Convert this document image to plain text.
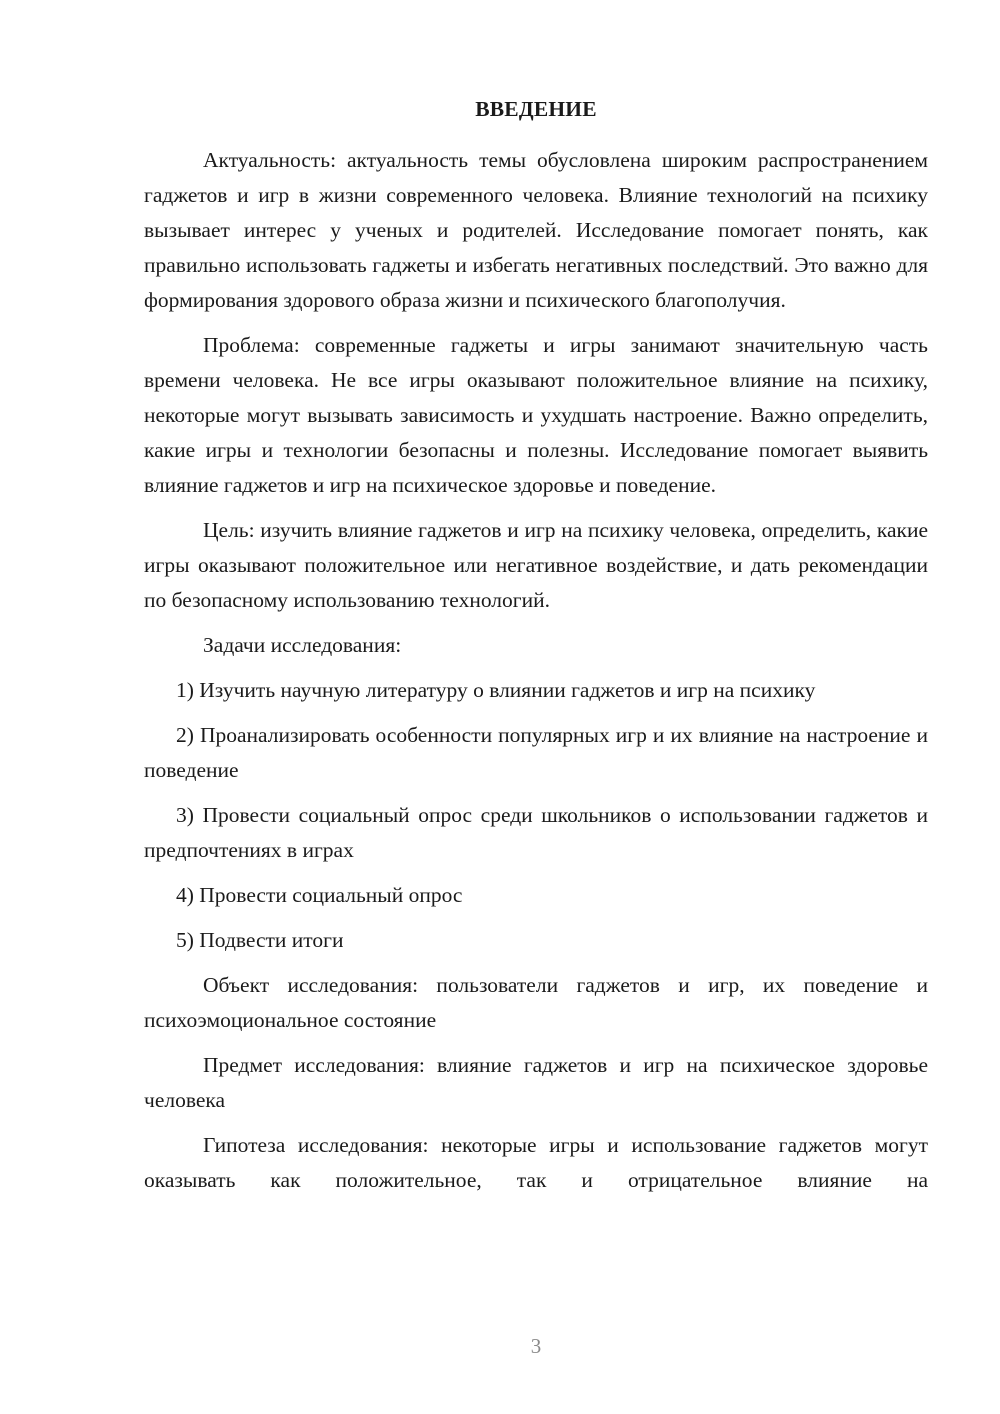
ВВЕДЕНИЕ

Актуальность: актуальность темы обусловлена широким распространением гаджетов и игр в жизни современного человека. Влияние технологий на психику вызывает интерес у ученых и родителей. Исследование помогает понять, как правильно использовать гаджеты и избегать негативных последствий. Это важно для формирования здорового образа жизни и психического благополучия.

Проблема: современные гаджеты и игры занимают значительную часть времени человека. Не все игры оказывают положительное влияние на психику, некоторые могут вызывать зависимость и ухудшать настроение. Важно определить, какие игры и технологии безопасны и полезны. Исследование помогает выявить влияние гаджетов и игр на психическое здоровье и поведение.

Цель: изучить влияние гаджетов и игр на психику человека, определить, какие игры оказывают положительное или негативное воздействие, и дать рекомендации по безопасному использованию технологий.

Задачи исследования:

1) Изучить научную литературу о влиянии гаджетов и игр на психику

2) Проанализировать особенности популярных игр и их влияние на настроение и поведение

3) Провести социальный опрос среди школьников о использовании гаджетов и предпочтениях в играх

4) Провести социальный опрос

5) Подвести итоги

Объект исследования: пользователи гаджетов и игр, их поведение и психоэмоциональное состояние

Предмет исследования: влияние гаджетов и игр на психическое здоровье человека

Гипотеза исследования: некоторые игры и использование гаджетов могут оказывать как положительное, так и отрицательное влияние на

3
